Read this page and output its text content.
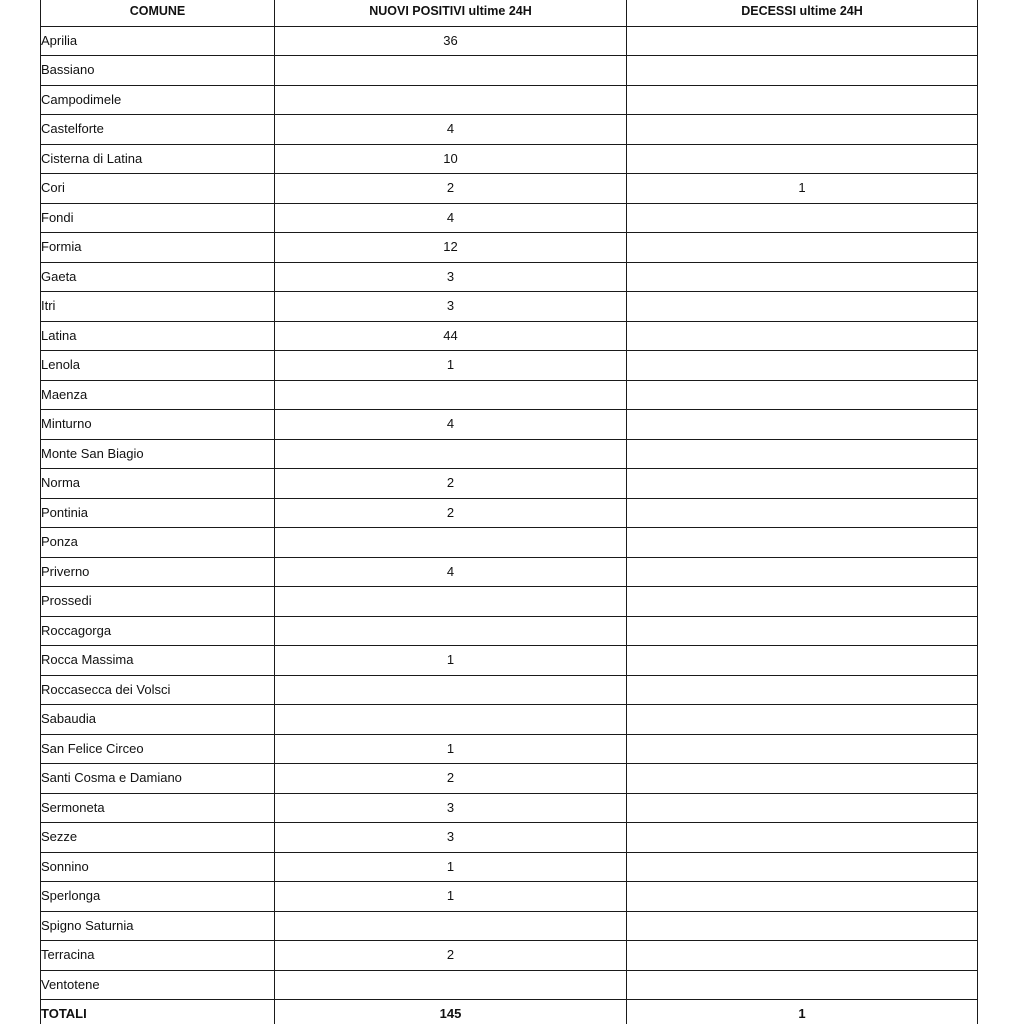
COMUNE	NUOVI POSITIVI ultime 24H	DECESSI ultime 24H
Aprilia	36	
Bassiano		
Campodimele		
Castelforte	4	
Cisterna di Latina	10	
Cori	2	1
Fondi	4	
Formia	12	
Gaeta	3	
Itri	3	
Latina	44	
Lenola	1	
Maenza		
Minturno	4	
Monte San Biagio		
Norma	2	
Pontinia	2	
Ponza		
Priverno	4	
Prossedi		
Roccagorga		
Rocca Massima	1	
Roccasecca dei Volsci		
Sabaudia		
San Felice Circeo	1	
Santi Cosma e Damiano	2	
Sermoneta	3	
Sezze	3	
Sonnino	1	
Sperlonga	1	
Spigno Saturnia		
Terracina	2	
Ventotene		
TOTALI	145	1
